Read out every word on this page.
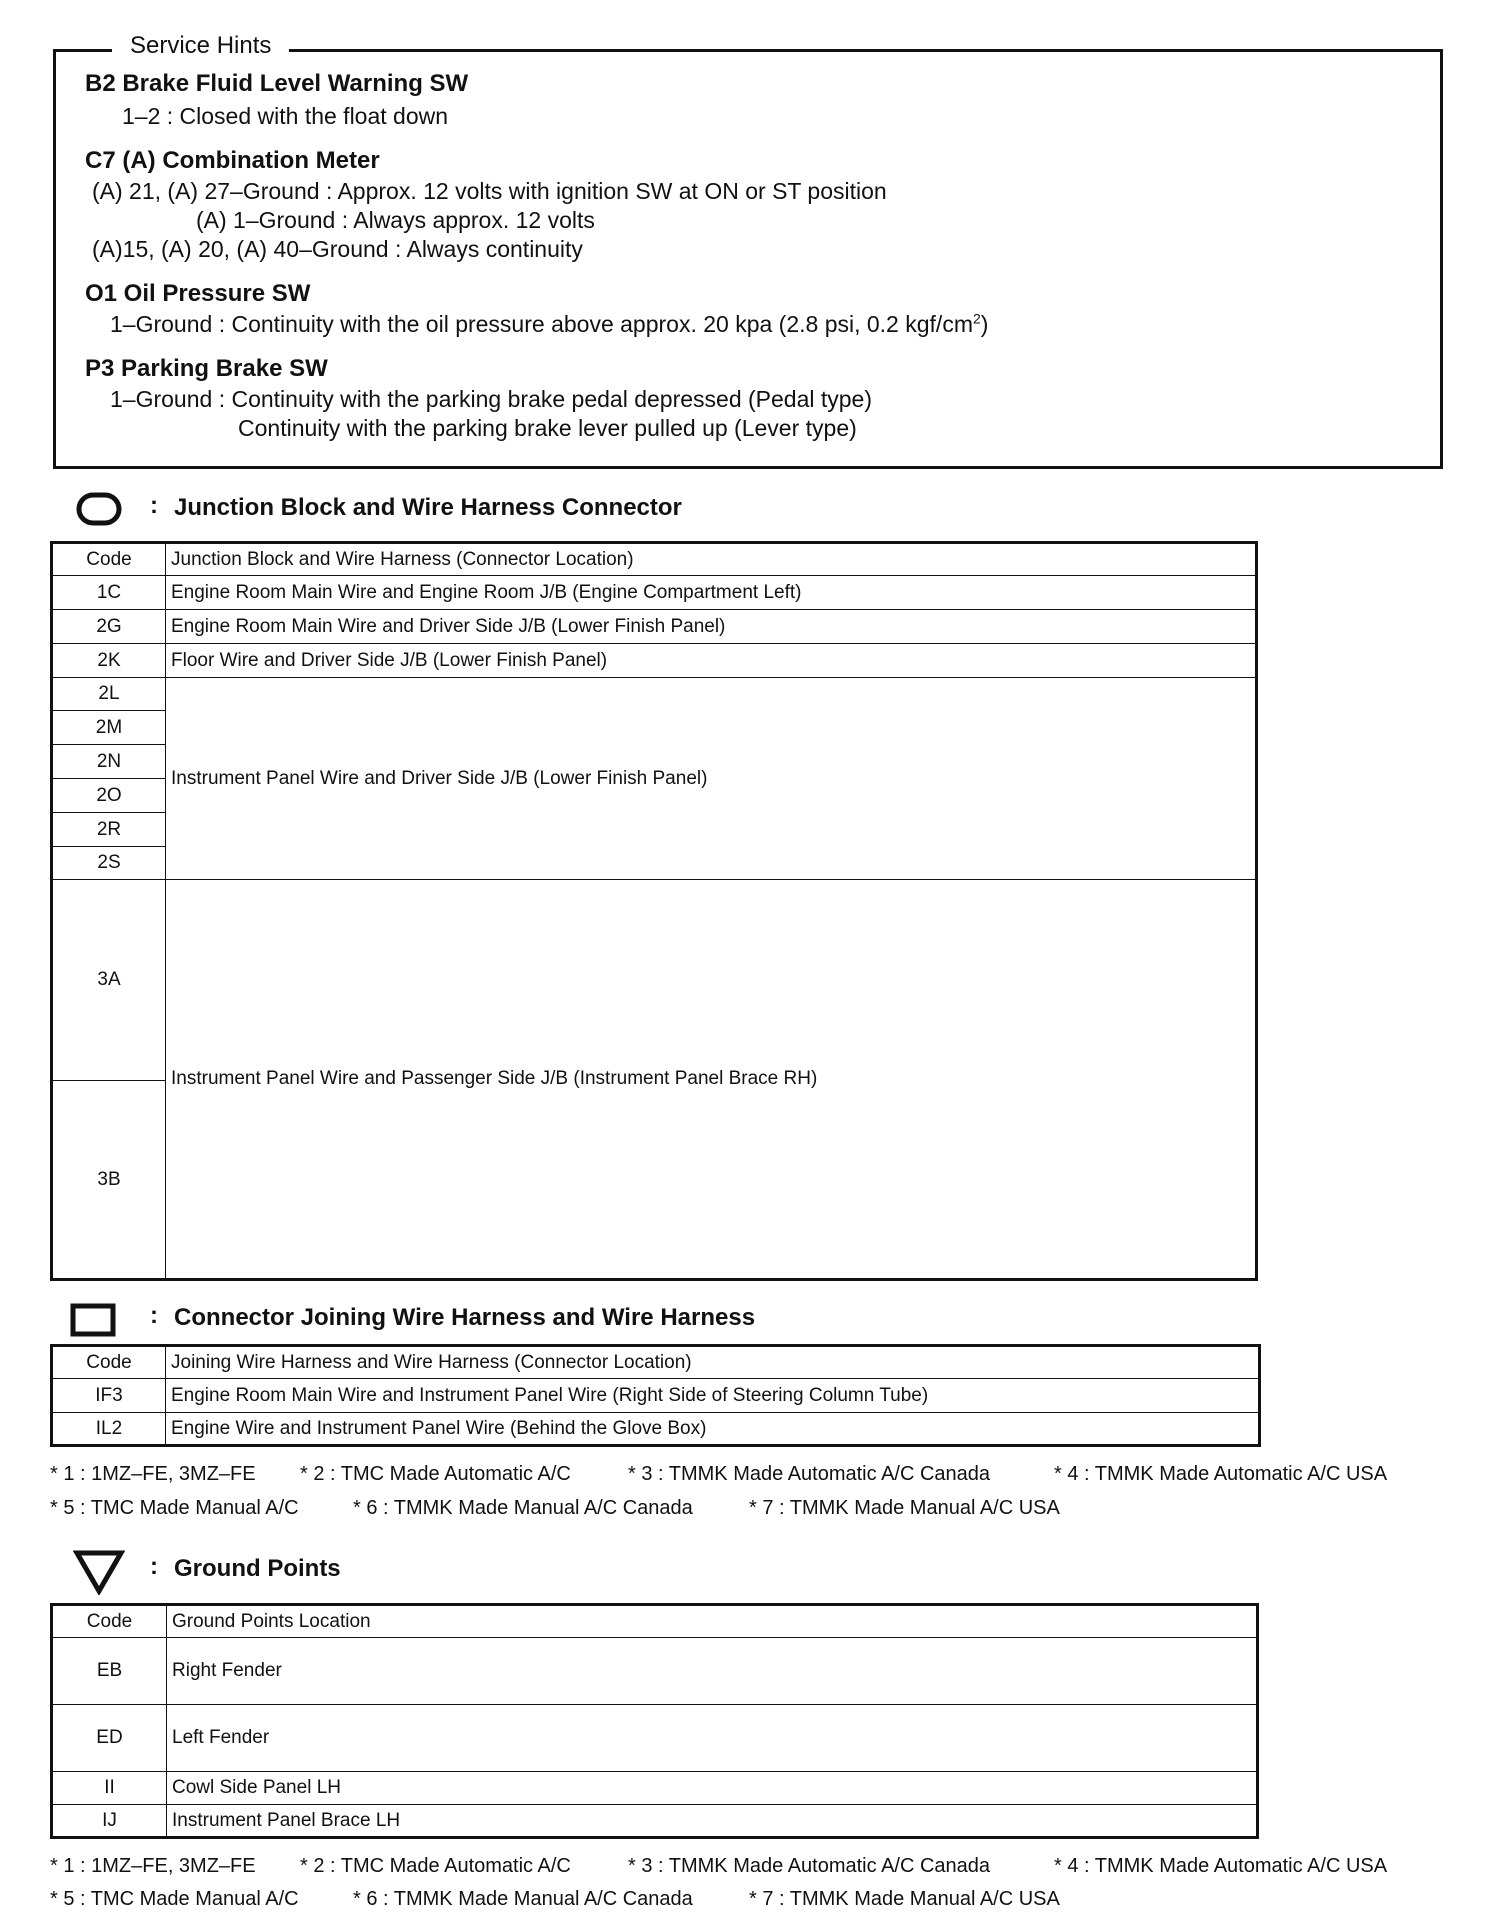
Service Hints
B2 Brake Fluid Level Warning SW
1–2 : Closed with the float down
C7 (A) Combination Meter
(A) 21, (A) 27–Ground : Approx. 12 volts with ignition SW at ON or ST position
(A) 1–Ground : Always approx. 12 volts
(A)15, (A) 20, (A) 40–Ground : Always continuity
O1 Oil Pressure SW
1–Ground : Continuity with the oil pressure above approx. 20 kpa (2.8 psi, 0.2 kgf/$cm^2$)
P3 Parking Brake SW
1–Ground : Continuity with the parking brake pedal depressed (Pedal type)
Continuity with the parking brake lever pulled up (Lever type)
: Junction Block and Wire Harness Connector
Code	Junction Block and Wire Harness (Connector Location)
1C	Engine Room Main Wire and Engine Room J/B (Engine Compartment Left)
2G	Engine Room Main Wire and Driver Side J/B (Lower Finish Panel)
2K	Floor Wire and Driver Side J/B (Lower Finish Panel)
2L	Instrument Panel Wire and Driver Side J/B (Lower Finish Panel)
2M	
2N	
2O	
2R	
2S	
3A	Instrument Panel Wire and Passenger Side J/B (Instrument Panel Brace RH)
3B	
: Connector Joining Wire Harness and Wire Harness
Code	Joining Wire Harness and Wire Harness (Connector Location)
IF3	Engine Room Main Wire and Instrument Panel Wire (Right Side of Steering Column Tube)
IL2	Engine Wire and Instrument Panel Wire (Behind the Glove Box)
* 1 : 1MZ–FE, 3MZ–FE * 2 : TMC Made Automatic A/C	* 3 : TMMK Made Automatic A/C Canada	* 4 : TMMK Made Automatic A/C USA
* 5 : TMC Made Manual A/C	* 6 : TMMK Made Manual A/C Canada	* 7 : TMMK Made Manual A/C USA
: Ground Points
Code	Ground Points Location
EB	Right Fender
ED	Left Fender
II	Cowl Side Panel LH
IJ	Instrument Panel Brace LH
* 1 : 1MZ–FE, 3MZ–FE * 2 : TMC Made Automatic A/C	* 3 : TMMK Made Automatic A/C Canada	* 4 : TMMK Made Automatic A/C USA
* 5 : TMC Made Manual A/C	* 6 : TMMK Made Manual A/C Canada	* 7 : TMMK Made Manual A/C USA
